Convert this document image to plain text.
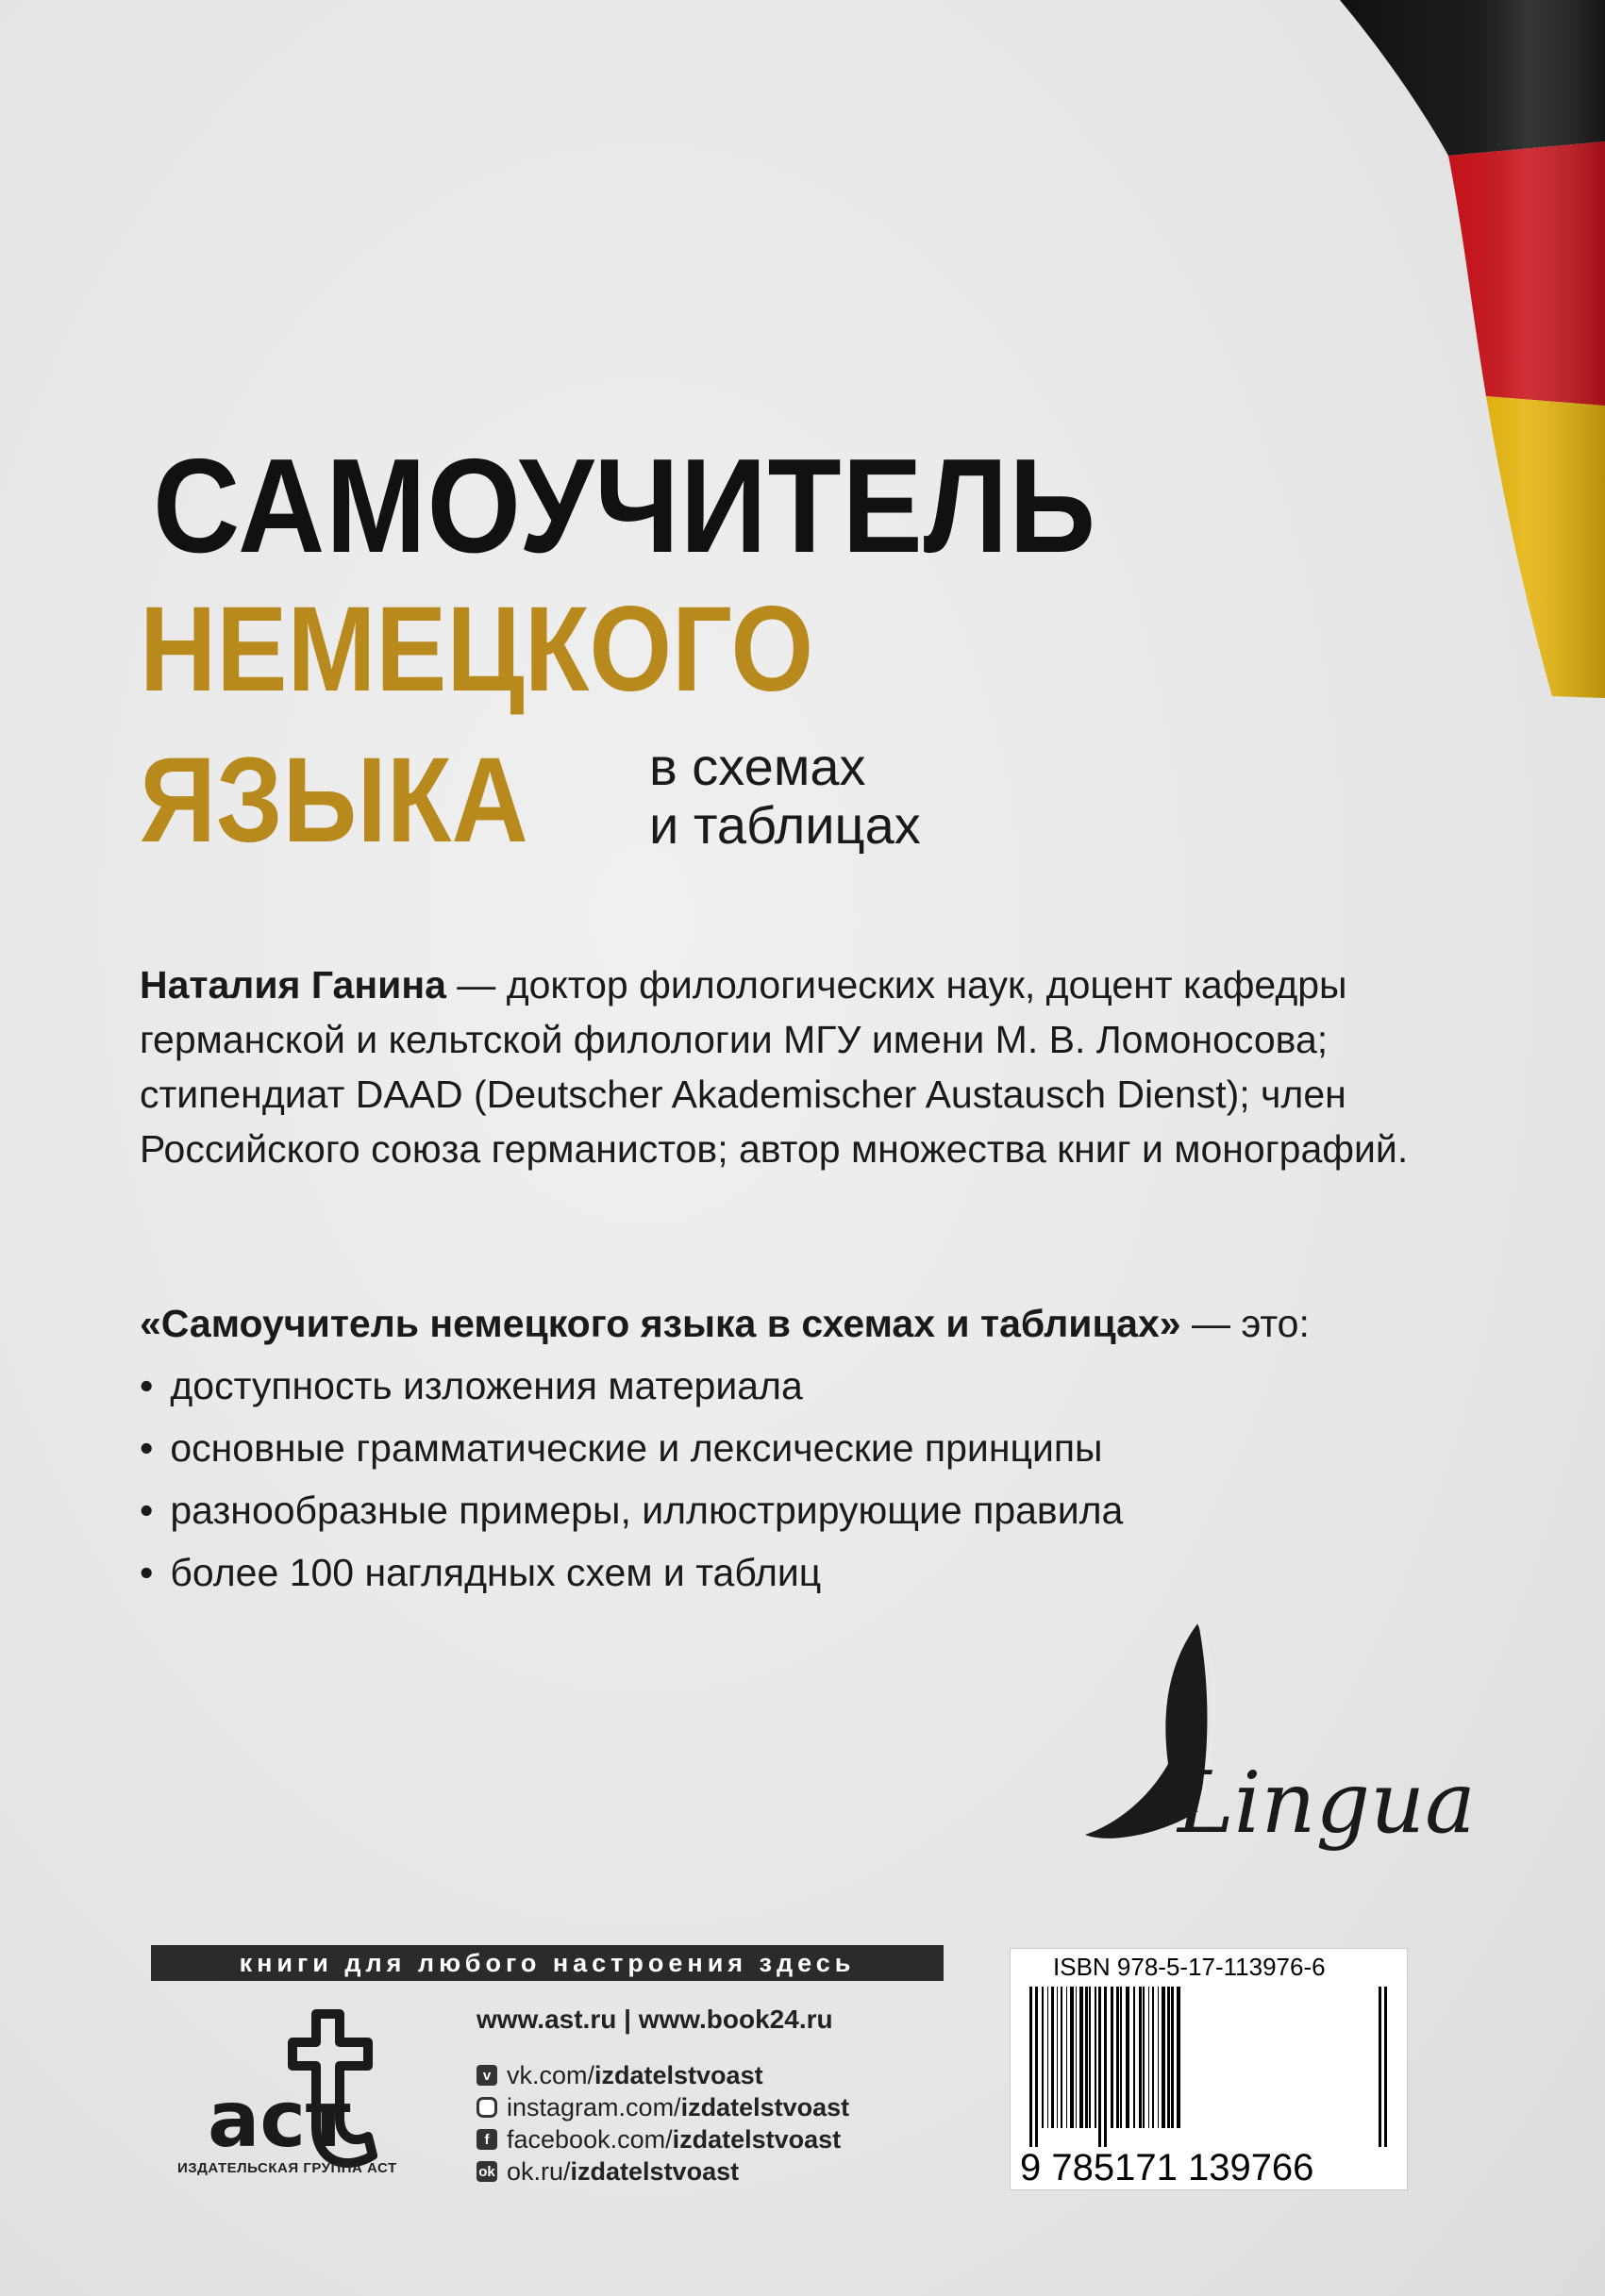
САМОУЧИТЕЛЬ
НЕМЕЦКОГО
ЯЗЫКА в схемах
и таблицах
Наталия Ганина — доктор филологических наук, доцент кафедры германской и кельтской филологии МГУ имени М. В. Ломоносова; стипендиат DAAD (Deutscher Akademischer Austausch Dienst); член Российского союза германистов; автор множества книг и монографий.
«Самоучитель немецкого языка в схемах и таблицах» — это:
• доступность изложения материала
• основные грамматические и лексические принципы
• разнообразные примеры, иллюстрирующие правила
• более 100 наглядных схем и таблиц
Lingua
книги для любого настроения здесь
аст
ИЗДАТЕЛЬСКАЯ ГРУППА АСТ
www.ast.ru | www.book24.ru
v vk.com/ izdatelstvoast
instagram.com/ izdatelstvoast
f facebook.com/ izdatelstvoast
ok ok.ru/ izdatelstvoast
ISBN 978-5-17-113976-6
9 785171 139766
